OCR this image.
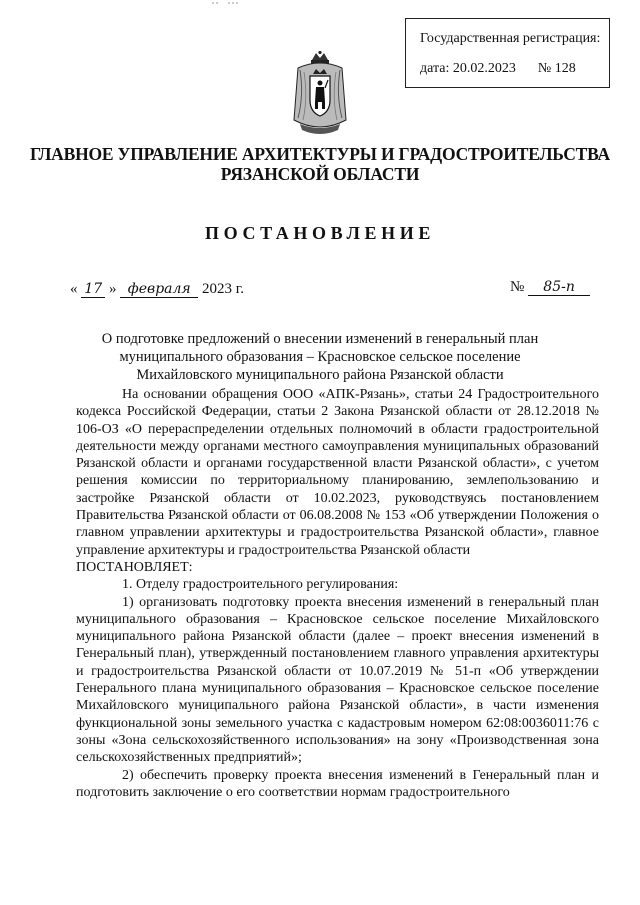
Государственная регистрация:
дата: 20.02.2023 № 128
ГЛАВНОЕ УПРАВЛЕНИЕ АРХИТЕКТУРЫ И ГРАДОСТРОИТЕЛЬСТВА
РЯЗАНСКОЙ ОБЛАСТИ
ПОСТАНОВЛЕНИЕ
« 17 » февраля 2023 г.	№ 85-п
О подготовке предложений о внесении изменений в генеральный план
муниципального образования – Красновское сельское поселение
Михайловского муниципального района Рязанской области

На основании обращения ООО «АПК-Рязань», статьи 24 Градостроительного кодекса Российской Федерации, статьи 2 Закона Рязанской области от 28.12.2018 № 106-ОЗ «О перераспределении отдельных полномочий в области градостроительной деятельности между органами местного самоуправления муниципальных образований Рязанской области и органами государственной власти Рязанской области», с учетом решения комиссии по территориальному планированию, землепользованию и застройке Рязанской области от 10.02.2023, руководствуясь постановлением Правительства Рязанской области от 06.08.2008 № 153 «Об утверждении Положения о главном управлении архитектуры и градостроительства Рязанской области», главное управление архитектуры и градостроительства Рязанской области

ПОСТАНОВЛЯЕТ:

1. Отделу градостроительного регулирования:

1) организовать подготовку проекта внесения изменений в генеральный план муниципального образования – Красновское сельское поселение Михайловского муниципального района Рязанской области (далее – проект внесения изменений в Генеральный план), утвержденный постановлением главного управления архитектуры и градостроительства Рязанской области от 10.07.2019 № 51-п «Об утверждении Генерального плана муниципального образования – Красновское сельское поселение Михайловского муниципального района Рязанской области», в части изменения функциональной зоны земельного участка с кадастровым номером 62:08:0036011:76 с зоны «Зона сельскохозяйственного использования» на зону «Производственная зона сельскохозяйственных предприятий»;

2) обеспечить проверку проекта внесения изменений в Генеральный план и подготовить заключение о его соответствии нормам градостроительного
